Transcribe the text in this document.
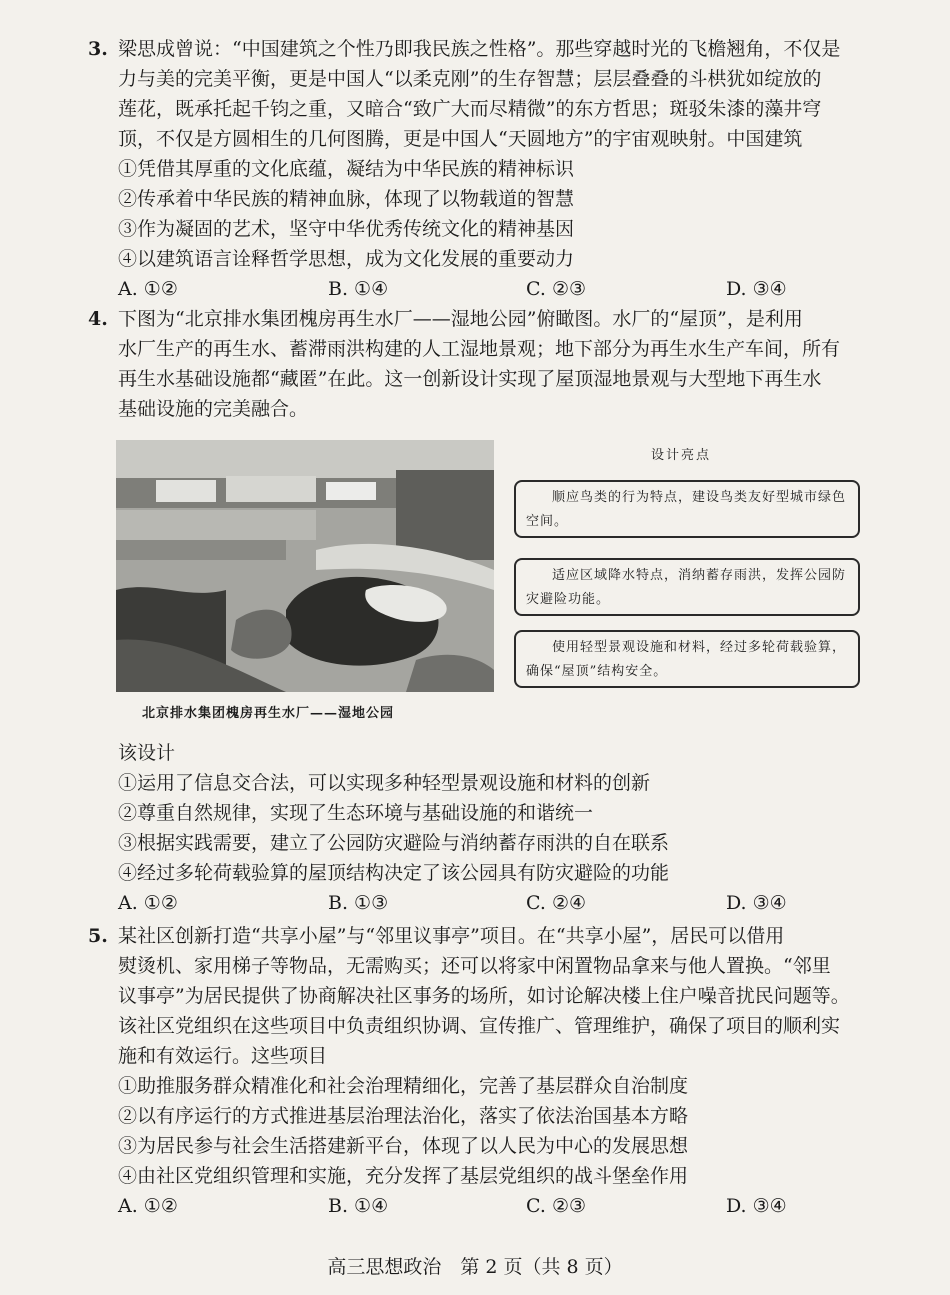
3. 梁思成曾说：“中国建筑之个性乃即我民族之性格”。那些穿越时光的飞檐翘角，不仅是
力与美的完美平衡，更是中国人“以柔克刚”的生存智慧；层层叠叠的斗栱犹如绽放的
莲花，既承托起千钧之重，又暗合“致广大而尽精微”的东方哲思；斑驳朱漆的藻井穹
顶，不仅是方圆相生的几何图腾，更是中国人“天圆地方”的宇宙观映射。中国建筑
①凭借其厚重的文化底蕴，凝结为中华民族的精神标识
②传承着中华民族的精神血脉，体现了以物载道的智慧
③作为凝固的艺术，坚守中华优秀传统文化的精神基因
④以建筑语言诠释哲学思想，成为文化发展的重要动力
A. ①②	B. ①④	C. ②③	D. ③④
4. 下图为“北京排水集团槐房再生水厂——湿地公园”俯瞰图。水厂的“屋顶”，是利用
水厂生产的再生水、蓄滞雨洪构建的人工湿地景观；地下部分为再生水生产车间，所有
再生水基础设施都“藏匿”在此。这一创新设计实现了屋顶湿地景观与大型地下再生水
基础设施的完美融合。
北京排水集团槐房再生水厂——湿地公园
设计亮点
顺应鸟类的行为特点，建设鸟类友好型城市绿色空间。
适应区域降水特点，消纳蓄存雨洪，发挥公园防灾避险功能。
使用轻型景观设施和材料，经过多轮荷载验算，确保“屋顶”结构安全。
该设计
①运用了信息交合法，可以实现多种轻型景观设施和材料的创新
②尊重自然规律，实现了生态环境与基础设施的和谐统一
③根据实践需要，建立了公园防灾避险与消纳蓄存雨洪的自在联系
④经过多轮荷载验算的屋顶结构决定了该公园具有防灾避险的功能
A. ①②	B. ①③	C. ②④	D. ③④
5. 某社区创新打造“共享小屋”与“邻里议事亭”项目。在“共享小屋”，居民可以借用
熨烫机、家用梯子等物品，无需购买；还可以将家中闲置物品拿来与他人置换。“邻里
议事亭”为居民提供了协商解决社区事务的场所，如讨论解决楼上住户噪音扰民问题等。
该社区党组织在这些项目中负责组织协调、宣传推广、管理维护，确保了项目的顺利实
施和有效运行。这些项目
①助推服务群众精准化和社会治理精细化，完善了基层群众自治制度
②以有序运行的方式推进基层治理法治化，落实了依法治国基本方略
③为居民参与社会生活搭建新平台，体现了以人民为中心的发展思想
④由社区党组织管理和实施，充分发挥了基层党组织的战斗堡垒作用
A. ①②	B. ①④	C. ②③	D. ③④
高三思想政治　第 2 页（共 8 页）
